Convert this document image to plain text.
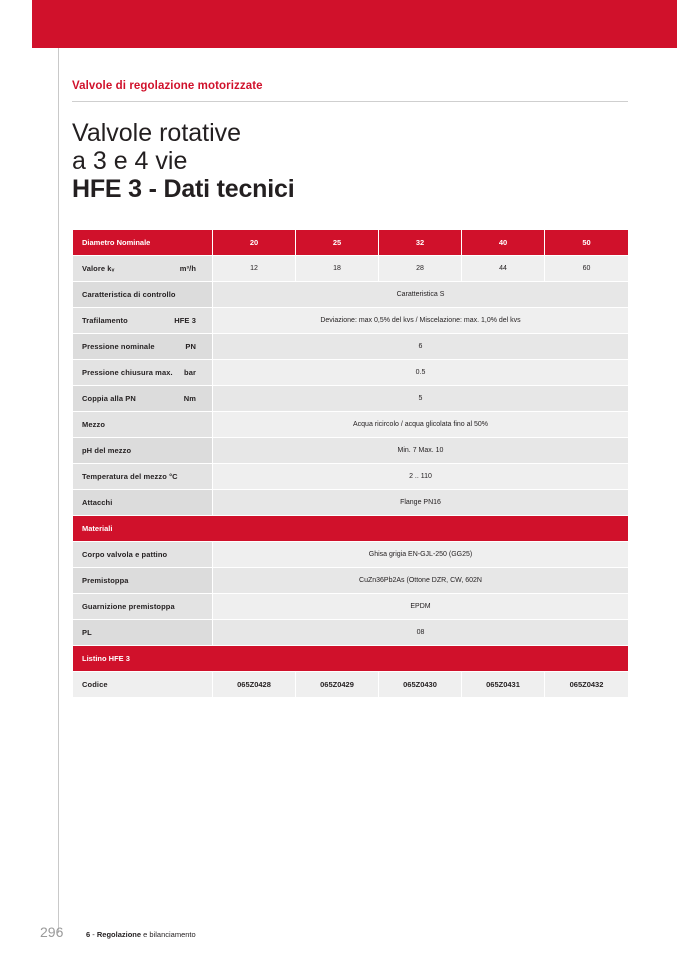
Valvole di regolazione motorizzate
Valvole rotative
a 3 e 4 vie
HFE 3 - Dati tecnici
Diametro Nominale	20	25	32	40	50
Valore kᵥ m³/h	12	18	28	44	60
Caratteristica di controllo	Caratteristica S				
Trafilamento HFE 3	Deviazione: max 0,5% del kvs / Miscelazione: max. 1,0% del kvs				
Pressione nominale PN	6				
Pressione chiusura max. bar	0.5				
Coppia alla PN Nm	5				
Mezzo	Acqua ricircolo / acqua glicolata fino al 50%				
pH del mezzo	Min. 7 Max. 10				
Temperatura del mezzo °C	2 .. 110				
Attacchi	Flange PN16				
Materiali					
Corpo valvola e pattino	Ghisa grigia EN-GJL-250 (GG25)				
Premistoppa	CuZn36Pb2As (Ottone DZR, CW, 602N				
Guarnizione premistoppa	EPDM				
PL	08				
Listino HFE 3					
Codice	065Z0428	065Z0429	065Z0430	065Z0431	065Z0432
296	6 - Regolazione e bilanciamento
